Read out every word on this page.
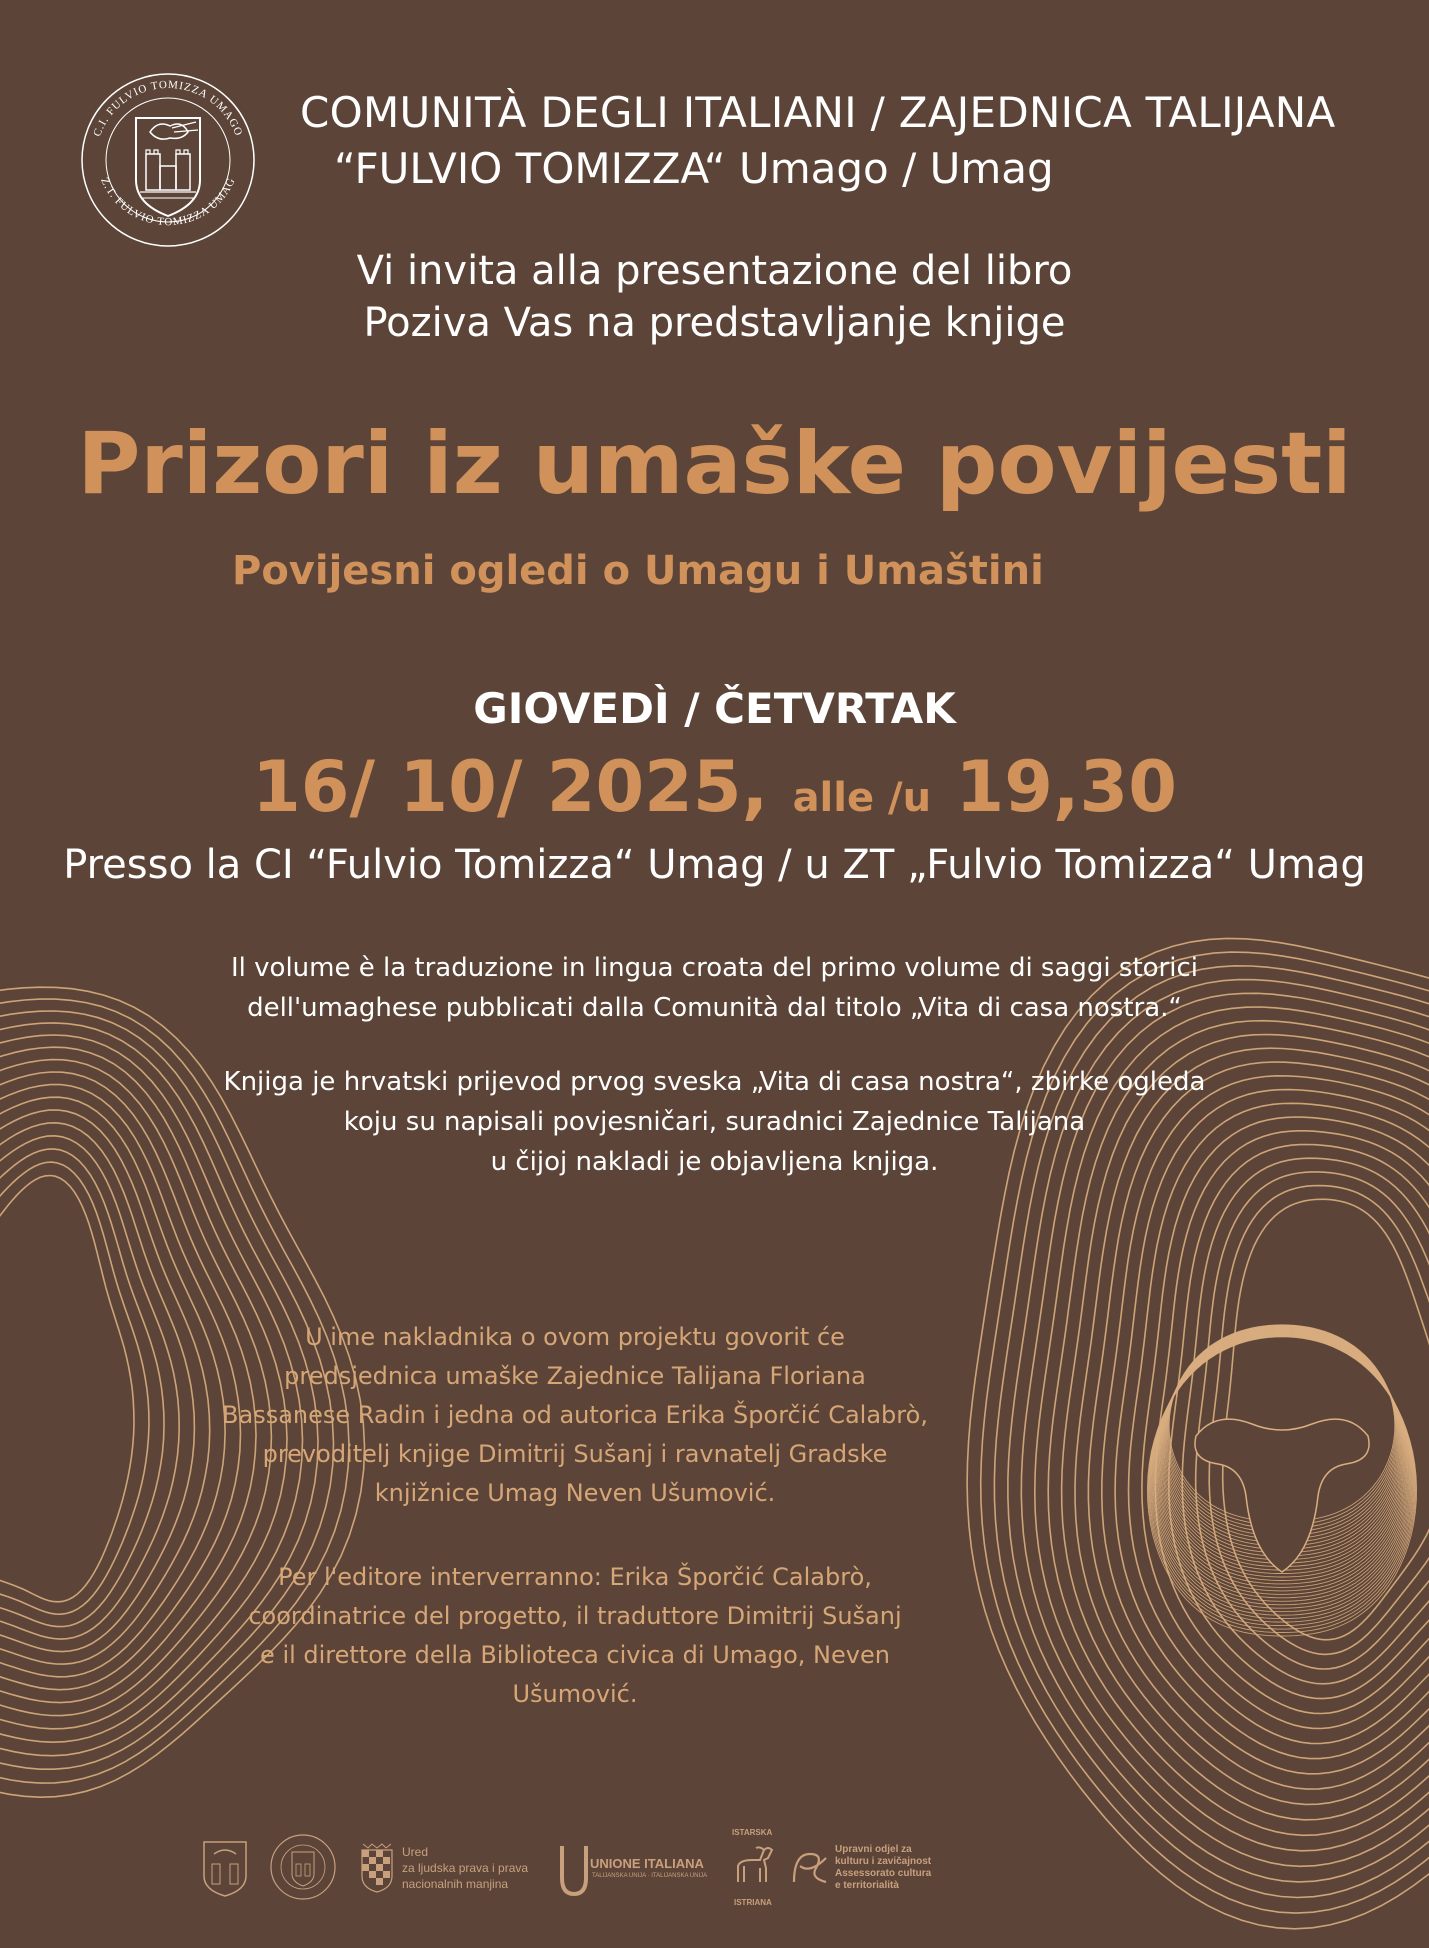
C.I. FULVIO TOMIZZA UMAGO
Z.T. FULVIO TOMIZZA UMAG
COMUNITÀ DEGLI ITALIANI / ZAJEDNICA TALIJANA
“FULVIO TOMIZZA“ Umago / Umag
Vi invita alla presentazione del libro
Poziva Vas na predstavljanje knjige
Prizori iz umaške povijesti
Povijesni ogledi o Umagu i Umaštini
GIOVEDÌ / ČETVRTAK
16/ 10/ 2025, alle /u 19,30
Presso la CI “Fulvio Tomizza“ Umag / u ZT „Fulvio Tomizza“ Umag
Il volume è la traduzione in lingua croata del primo volume di saggi storici
dell'umaghese pubblicati dalla Comunità dal titolo „Vita di casa nostra.“
Knjiga je hrvatski prijevod prvog sveska „Vita di casa nostra“, zbirke ogleda
koju su napisali povjesničari, suradnici Zajednice Talijana
u čijoj nakladi je objavljena knjiga.
U ime nakladnika o ovom projektu govorit će
predsjednica umaške Zajednice Talijana Floriana
Bassanese Radin i jedna od autorica Erika Šporčić Calabrò,
prevoditelj knjige Dimitrij Sušanj i ravnatelj Gradske
knjižnice Umag Neven Ušumović.
Per l'editore interverranno: Erika Šporčić Calabrò,
coordinatrice del progetto, il traduttore Dimitrij Sušanj
e il direttore della Biblioteca civica di Umago, Neven
Ušumović.
Ured
za ljudska prava i prava
nacionalnih manjina
UNIONE ITALIANA
TALIJANSKA UNIJA · ITALIJANSKA UNIJA
ISTARSKA
ISTRIANA
Upravni odjel za
kulturu i zavičajnost
Assessorato cultura
e territorialità
